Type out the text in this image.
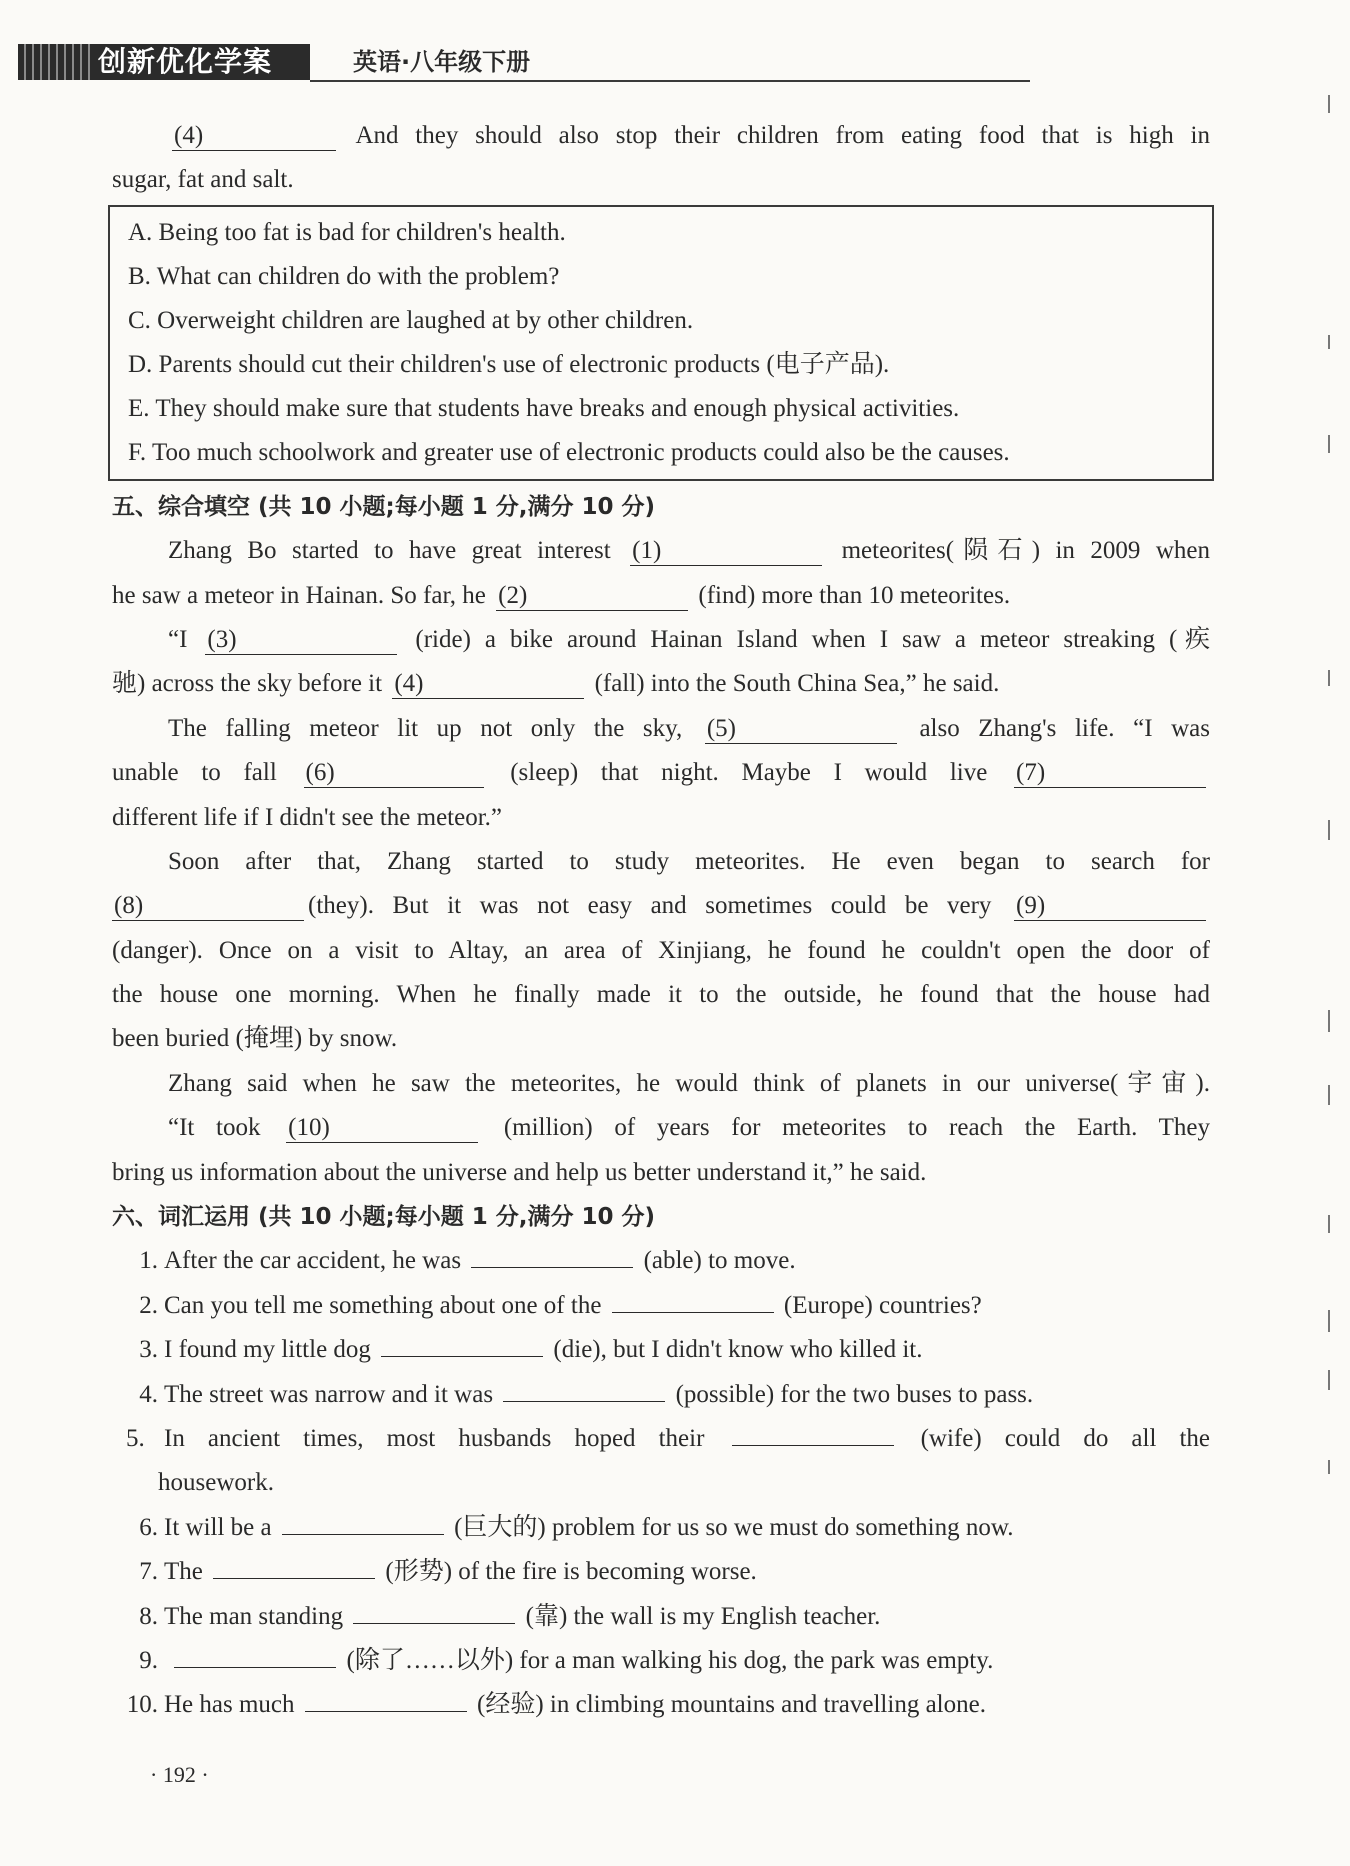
创新优化学案	英语·八年级下册
(4)	And they should also stop their children from eating food that is high in
sugar, fat and salt.
A. Being too fat is bad for children's health.
B. What can children do with the problem?
C. Overweight children are laughed at by other children.
D. Parents should cut their children's use of electronic products (电子产品).
E. They should make sure that students have breaks and enough physical activities.
F. Too much schoolwork and greater use of electronic products could also be the causes.
五、综合填空 (共 10 小题;每小题 1 分,满分 10 分)
Zhang Bo started to have great interest (1)	meteorites(陨石) in 2009 when
he saw a meteor in Hainan. So far, he (2)	(find) more than 10 meteorites.
“I (3)	(ride) a bike around Hainan Island when I saw a meteor streaking (疾
驰) across the sky before it (4)	(fall) into the South China Sea,” he said.
The falling meteor lit up not only the sky, (5)	also Zhang's life. “I was
unable to fall (6)	(sleep) that night. Maybe I would live (7)
different life if I didn't see the meteor.”
Soon after that, Zhang started to study meteorites. He even began to search for
(8)	(they). But it was not easy and sometimes could be very (9)
(danger). Once on a visit to Altay, an area of Xinjiang, he found he couldn't open the door of
the house one morning. When he finally made it to the outside, he found that the house had
been buried (掩埋) by snow.
Zhang said when he saw the meteorites, he would think of planets in our universe(宇宙).
“It took (10)	(million) of years for meteorites to reach the Earth. They
bring us information about the universe and help us better understand it,” he said.
六、词汇运用 (共 10 小题;每小题 1 分,满分 10 分)
1. After the car accident, he was	(able) to move.
2. Can you tell me something about one of the	(Europe) countries?
3. I found my little dog	(die), but I didn't know who killed it.
4. The street was narrow and it was	(possible) for the two buses to pass.
5. In ancient times, most husbands hoped their	(wife) could do all the
housework.
6. It will be a	(巨大的) problem for us so we must do something now.
7. The	(形势) of the fire is becoming worse.
8. The man standing	(靠) the wall is my English teacher.
9.	(除了……以外) for a man walking his dog, the park was empty.
10. He has much	(经验) in climbing mountains and travelling alone.
· 192 ·
